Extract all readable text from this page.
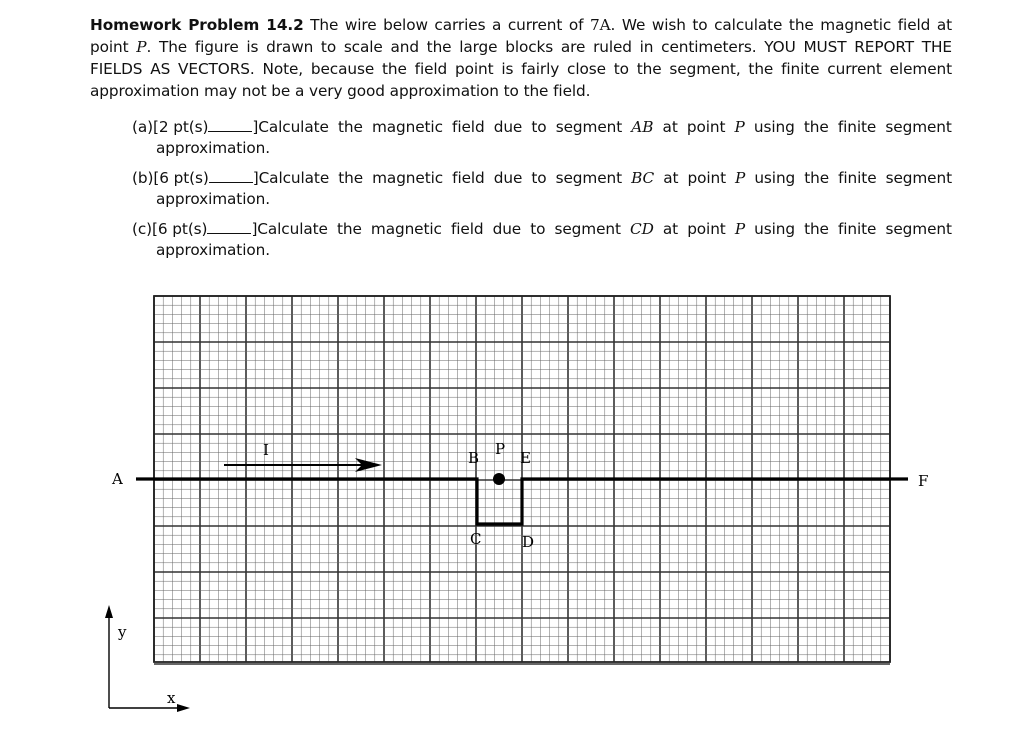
Homework Problem 14.2 The wire below carries a current of 7A. We wish to calculate the magnetic field at point P. The figure is drawn to scale and the large blocks are ruled in centimeters. YOU MUST REPORT THE FIELDS AS VECTORS. Note, because the field point is fairly close to the segment, the finite current element approximation may not be a very good approximation to the field.
(a)[2 pt(s)	]Calculate the magnetic field due to segment AB at point P using the finite segment
approximation.
(b)[6 pt(s)	]Calculate the magnetic field due to segment BC at point P using the finite segment
approximation.
(c)[6 pt(s)	]Calculate the magnetic field due to segment CD at point P using the finite segment
approximation.
A	F
B P E
C	D
I
y
x
